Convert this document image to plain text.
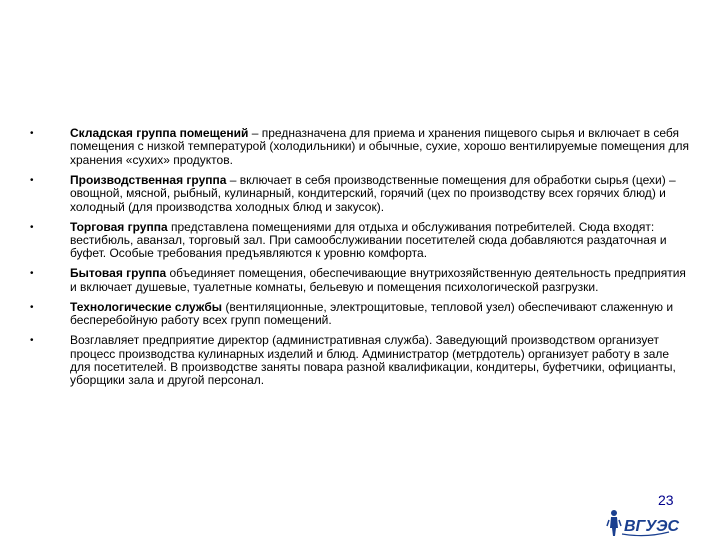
•	Складская группа помещений – предназначена для приема и хранения пищевого сырья и включает в себя помещения с низкой температурой (холодильники) и обычные, сухие, хорошо вентилируемые помещения для хранения «сухих» продуктов.
•	Производственная группа – включает в себя производственные помещения для обработки сырья (цехи) – овощной, мясной, рыбный, кулинарный, кондитерский, горячий (цех по производству всех горячих блюд) и холодный (для производства холодных блюд и закусок).
•	Торговая группа представлена помещениями для отдыха и обслуживания потребителей. Сюда входят: вестибюль, аванзал, торговый зал. При самообслуживании посетителей сюда добавляются раздаточная и буфет. Особые требования предъявляются к уровню комфорта.
•	Бытовая группа объединяет помещения, обеспечивающие внутрихозяйственную деятельность предприятия и включает душевые, туалетные комнаты, бельевую и помещения психологической разгрузки.
•	Технологические службы (вентиляционные, электрощитовые, тепловой узел) обеспечивают слаженную и бесперебойную работу всех групп помещений.
•	Возглавляет предприятие директор (административная служба). Заведующий производством организует процесс производства кулинарных изделий и блюд. Администратор (метрдотель) организует работу в зале для посетителей. В производстве заняты повара разной квалификации, кондитеры, буфетчики, официанты, уборщики зала и другой персонал.
23
ВГУЭС
